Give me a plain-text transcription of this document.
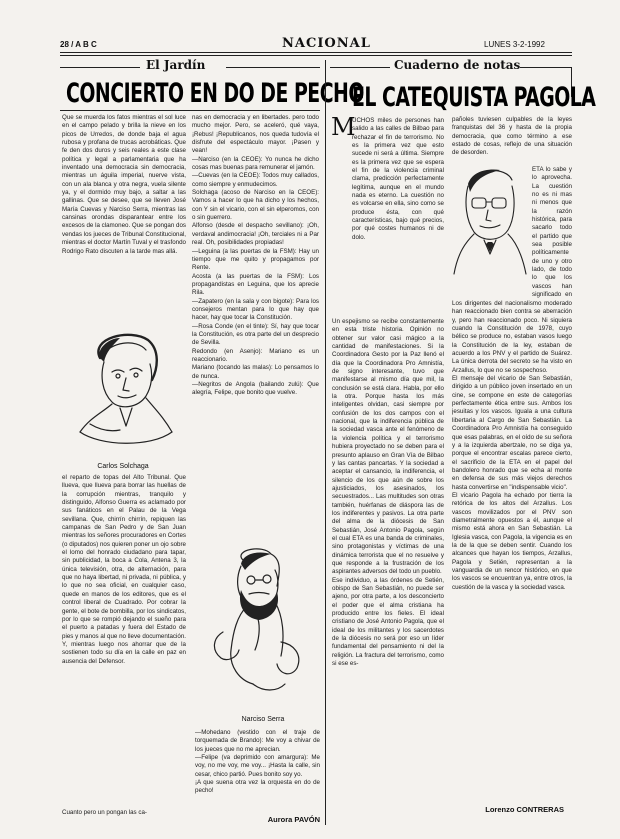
28 / A B C	NACIONAL	LUNES 3-2-1992
El Jardín
CONCIERTO EN DO DE PECHO
Que se muerda los fatos mientras el sol luce en el campo pelado y brilla la nieve en los picos de Urredos, de donde baja el agua rubosa y profana de trucas acrobáticas. Que fe den dos duros y seis reales a este clase política y legal a parlamentaria que ha inventado una democracia sin democracia, mientras un águila imperial, nuerve vista, con un ala blanca y otra negra, vuela silente ya, y el dormido muy bajo, a saltar a las gallinas. Que se desee, que se lleven José María Cuevas y Narciso Serra, mientras las cansinas orondas disparantear entre los excesos de la clamoneo. Que se pongan dos vendas los jueces de Tribunal Constitucional, mientras el doctor Martín Tuval y el trasfondo Rodrigo Rato discuten a la tarde mas allá.
Carlos Solchaga
el reparto de topas del Alto Tribunal. Que llueva, que llueva para borrar las huellas de la corrupción mientras, tranquilo y distinguido, Alfonso Guerra es aclamado por sus fanáticos en el Palau de la Vega sevillana. Que, chirrín chirrín, repiquen las campanas de San Pedro y de San Juan mientras los señores procuradores en Cortes (o diputados) nos quieren poner un ojo sobre el lomo del honrado ciudadano para tapar, sin publicidad, la boca a Cola, Antena 3, la única televisión, otra, de alternación, para que no haya libertad, ni privada, ni pública, y lo que no sea oficial, en cualquier caso, quede en manos de los editores, que es el control liberal de Cuadrado. Por cobrar la gente, el bote de bombilla, por los sindicatos, por lo que se rompió dejando el sueño para el puerto a patadas y fuera del Estado de pies y manos al que no lleve documentación. Y, mientras luego nos ahorrar que de la sostienen todo su día en la calle en paz en ausencia del Defensor.
Cuanto pero un pongan las ca-
nas en democracia y en libertades. pero todo mucho mejor. Pero, se aceleró, qué vaya, ¡Rebus! ¡Republicanos, nos queda tudovía el disfrute del espectáculo mayor. ¡Pasen y vean!
—Narciso (en la CEOE): Yo nunca he dicho cosas mas buenas para remunerar el jamón.
—Cuevas (en la CEOE): Todos muy callados, como siempre y enmudecimos.
Solchaga (acoso de Narciso en la CEOE): Vamos a hacer lo que ha dicho y los hechos, con Y sin el vicario, con el sin elperomos, con o sin guerrero.
Alfonso (desde el despacho sevillano): ¡Oh, verdaval andimocracia! ¡Oh, terciales ni a Par real. Oh, posibilidades propiadas!
—Leguina (a las puertas de la FSM): Hay un tiempo que me quito y propagamos por Rente.
Acosta (a las puertas de la FSM): Los propagandistas en Leguina, que los aprecie Rila.
—Zapatero (en la sala y con bigote): Para los consejeros mentan para lo que hay que hacer, hay que tocar la Constitución.
—Rosa Conde (en el tinte): Sí, hay que tocar la Constitución, es otra parte del un desprecio de Sevilla.
Redondo (en Asenjo): Mariano es un reaccionario.
Mariano (tocando las malas): Lo pensamos lo de nunca.
—Negritos de Angola (bailando zulú): Que alegría, Felipe, que bonito que vuelve.
Narciso Serra
—Mohedano (vestido con el traje de torquemada de Brando): Me voy a chivar de los jueces que no me aprecian.
—Felipe (va deprimido con amargura): Me voy, no me voy, me voy... ¡Hasta la calle, sin cesar, chico partió. Pues bonito soy yo.
¡A que suena otra vez la orquesta en do de pecho!
Aurora PAVÓN
Cuaderno de notas
EL CATEQUISTA PAGOLA
M
UCHOS miles de persones han salido a las calles de Bilbao para rechazar el fin de terrorismo. No es la primera vez que esto sucede ni será a última. Siempre es la primera vez que se espera el fin de la violencia criminal clama, predicción perfectamente legítima, aunque en el mundo nada es eterno. La cuestión no es volcarse en ella, sino como se produce ésta, con qué características, bajo qué precios, por qué costes humanos ni de dolo.
Un espejismo se recibe constantemente en esta triste historia. Opinión no obtener sur valor casi mágico a la cantidad de manifestaciones. Si la Coordinadora Gesto por la Paz llenó el día que la Coordinadora Pro Amnistía, de signo interesante, tuvo que manifestarse al mismo día que mil, la conclusión se está clara. Habla, por ello la otra. Porque hasta los más inteligentes olvidan, casi siempre por confusión de los dos campos con el nacional, que la indiferencia pública de la sociedad vasca ante el fenómeno de la violencia política y el terrorismo hubiera proyectado no se deben para el presunto aplauso en Gran Vía de Bilbao y las cantas pancartas. Y la sociedad a aceptar el cansancio, la indiferencia, el silencio de los que aún de sobre los ajusticiados, los asesinados, los secuestrados... Las multitudes son otras también, huérfanas de diáspora las de los indiferentes y pasivos. La otra parte del alma de la diócesis de San Sebastián, José Antonio Pagola, según el cual ETA es una banda de criminales, sino protagonistas y víctimas de una dinámica terrorista que el no resuelve y que responde a la frustración de los aspirantes adversos del todo un pueblo.
Ese individuo, a las órdenes de Setién, obispo de San Sebastián, no puede ser ajeno, por otra parte, a los desconcierto el poder que el alma cristiana ha producido entre los fieles. El ideal cristiano de José Antonio Pagola, que el ideal de los militantes y los sacerdotes de la diócesis no será por eso un líder fundamental del pensamiento ni del la religión. La fractura del terrorismo, como si ese es-
pañoles tuviesen culpables de la leyes franquistas del 36 y hasta de la propia democracia, que como término a ese estado de cosas, reflejo de una situación de desorden.
ETA lo sabe y lo aprovecha. La cuestión no es ni mas ni menos que la razón histórica, para sacarlo todo el partido que sea posible políticamente de uno y otro lado, de todo lo que los vascos han significado en
Los dirigentes del nacionalismo moderado han reaccionado bien contra se aberración y, pero han reaccionado poco. Ni siquiera cuando la Constitución de 1978, cuyo bélico se produce no, estaban vasos luego la Constitución de la ley, estaban de acuerdo a los PNV y el partido de Suárez. La única derrota del secreto se ha visto en Arzallus, lo que no se sospechoso.
El mensaje del vicario de San Sebastián, dirigido a un público joven insertado en un cine, se compone en este de categorías perfectamente ética entre sus. Ambos los jesuitas y los vascos. Iguala a una cultura libertaria al Cargo de San Sebastián. La Coordinadora Pro Amnistía ha conseguido que esas palabras, en el oído de su señora y a la izquierda abertzale, no se diga ya, porque el encontrar escalas parece cierto, el sacrificio de la ETA en el papel del bandolero honrado que se echa al monte en defensa de sus más viejos derechos hasta convertirse en "indispensable vicio".
El vicario Pagola ha echado por tierra la retórica de los altos del Arzallus. Los vascos movilizados por el PNV son diametralmente opuestos a él, aunque el mismo está ahora en San Sebastián. La Iglesia vasca, con Pagola, la vigencia es en la de la que se deben sentir. Cuando los alcances que hayan los tiempos, Arzallus, Pagola y Setién, representan a la vanguardia de un rencor histórico, en que los vascos se encuentran ya, entre otros, la cuestión de la vasca y la sociedad vasca.
Lorenzo CONTRERAS
